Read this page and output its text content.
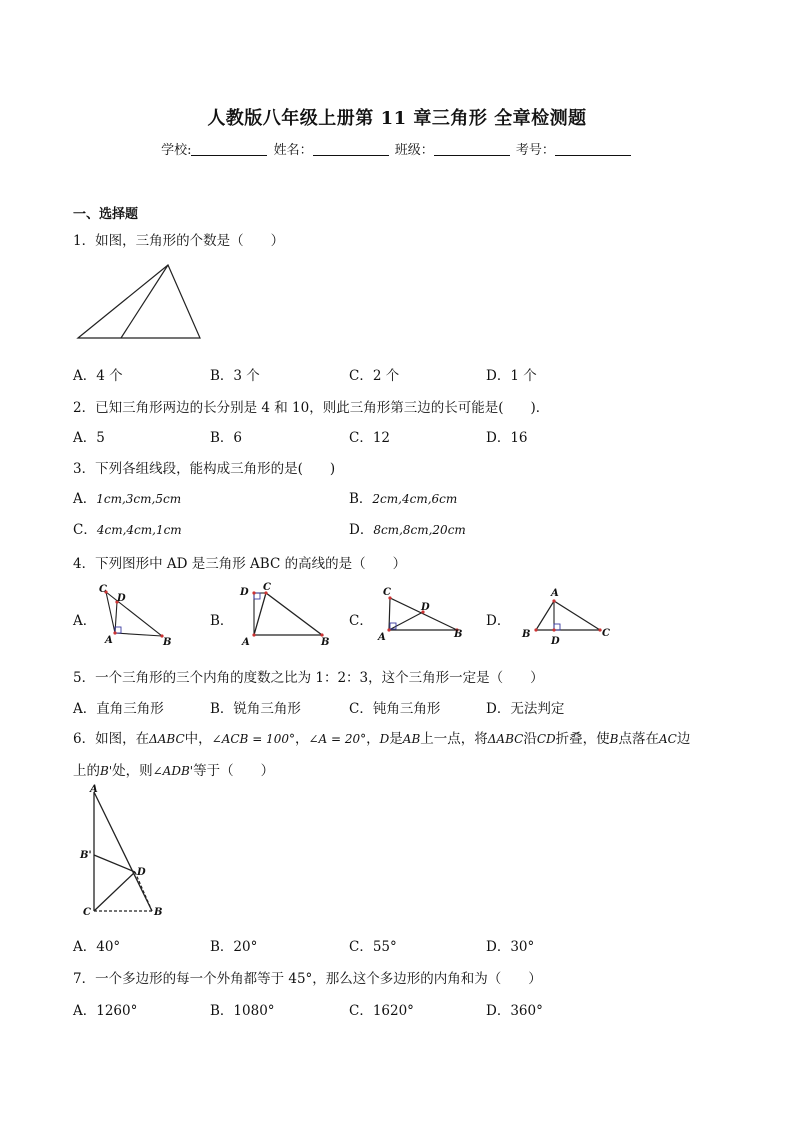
人教版八年级上册第 11 章三角形 全章检测题
学校:	姓名：	班级：	考号：
一、选择题
1．如图，三角形的个数是（　　）
A．4 个	B．3 个	C．2 个	D．1 个
2．已知三角形两边的长分别是 4 和 10，则此三角形第三边的长可能是(　　)．
A．5	B．6	C．12	D．16
3．下列各组线段，能构成三角形的是(　　)
A．1cm,3cm,5cm	B．2cm,4cm,6cm
C．4cm,4cm,1cm	D．8cm,8cm,20cm
4．下列图形中 AD 是三角形 ABC 的高线的是（　　）
A．
C
D
A	B
B．
D C
A	B
C．
C
D
A	B
D．
A
B
D
C
5．一个三角形的三个内角的度数之比为 1：2：3，这个三角形一定是（　　）
A．直角三角形	B．锐角三角形	C．钝角三角形	D．无法判定
6．如图，在ΔABC中，∠ACB = 100°，∠A = 20°，D是AB上一点，将ΔABC沿CD折叠，使B点落在AC边
上的B'处，则∠ADB'等于（　　）
A
B'
D
C	B
A．40°	B．20°	C．55°	D．30°
7．一个多边形的每一个外角都等于 45°，那么这个多边形的内角和为（　　）
A．1260°	B．1080°	C．1620°	D．360°
